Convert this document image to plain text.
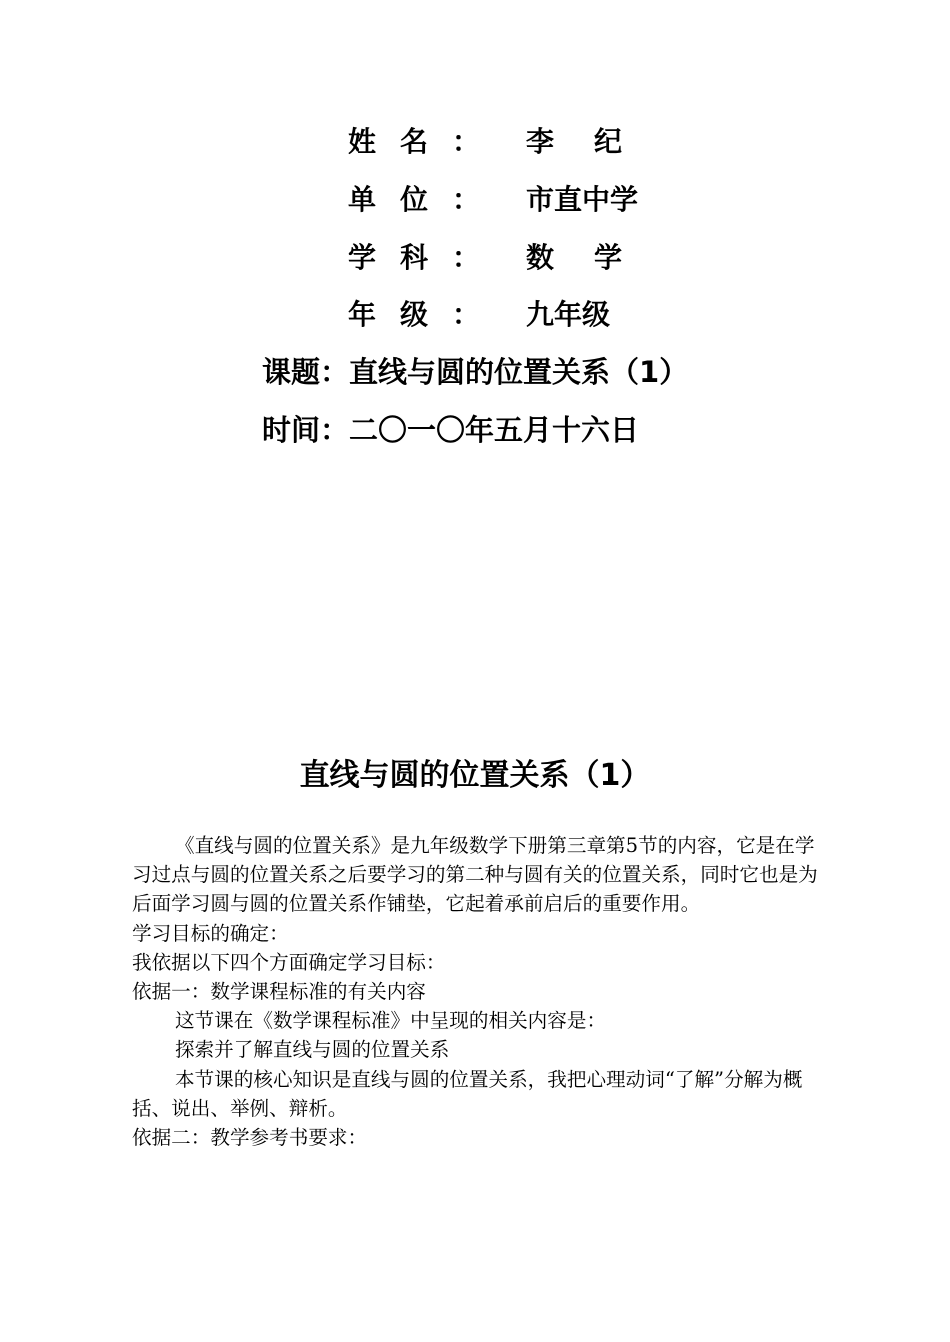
姓名： 李纪
单位： 市直中学
学科： 数学
年级： 九年级
课题：直线与圆的位置关系（1）
时间：二〇一〇年五月十六日
直线与圆的位置关系（1）

《直线与圆的位置关系》是九年级数学下册第三章第5节的内容，它是在学习过点与圆的位置关系之后要学习的第二种与圆有关的位置关系，同时它也是为后面学习圆与圆的位置关系作铺垫，它起着承前启后的重要作用。

学习目标的确定：

我依据以下四个方面确定学习目标：

依据一：数学课程标准的有关内容

这节课在《数学课程标准》中呈现的相关内容是：

探索并了解直线与圆的位置关系

本节课的核心知识是直线与圆的位置关系，我把心理动词“了解”分解为概括、说出、举例、辩析。

依据二：教学参考书要求：
